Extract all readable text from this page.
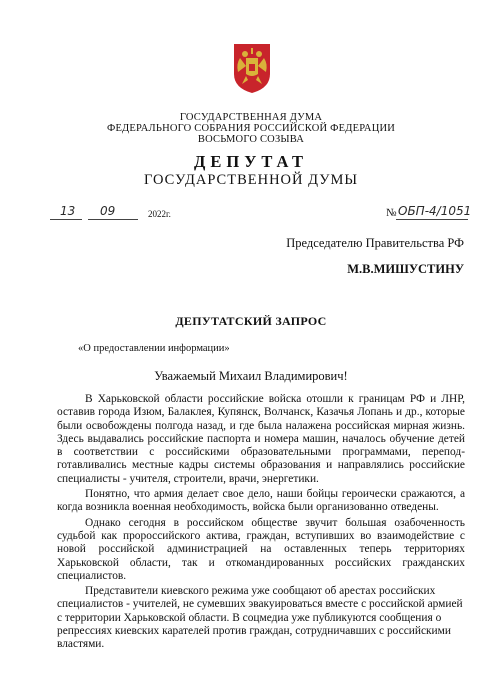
ГОСУДАРСТВЕННАЯ ДУМА
ФЕДЕРАЛЬНОГО СОБРАНИЯ РОССИЙСКОЙ ФЕДЕРАЦИИ
ВОСЬМОГО СОЗЫВА
ДЕПУТАТ
ГОСУДАРСТВЕННОЙ ДУМЫ
13 09	2022г.	№ ОБП-4/1051
Председателю Правительства РФ
М.В.МИШУСТИНУ
ДЕПУТАТСКИЙ ЗАПРОС
«О предоставлении информации»
Уважаемый Михаил Владимирович!

В Харьковской области российские войска отошли к границам РФ и ЛНР, оставив города Изюм, Балаклея, Купянск, Волчанск, Казачья Лопань и др., которые были освобождены полгода назад, и где была налажена российская мирная жизнь. Здесь выдавались российские паспорта и номера машин, началось обучение детей в соответствии с российскими образовательными программами, переподготавливались местные кадры системы образования и направлялись российские специалисты - учителя, строители, врачи, энергетики.

Понятно, что армия делает свое дело, наши бойцы героически сражаются, а когда возникла военная необходимость, войска были организованно отведены.

Однако сегодня в российском обществе звучит большая озабоченность судьбой как пророссийского актива, граждан, вступивших во взаимодействие с новой российской администрацией на оставленных теперь территориях Харьковской области, так и откомандированных российских гражданских специалистов.

Представители киевского режима уже сообщают об арестах российских специалистов - учителей, не сумевших эвакуироваться вместе с российской армией с территории Харьковской области. В соцмедиа уже публикуются сообщения о репрессиях киевских карателей против граждан, сотрудничавших с российскими властями.
